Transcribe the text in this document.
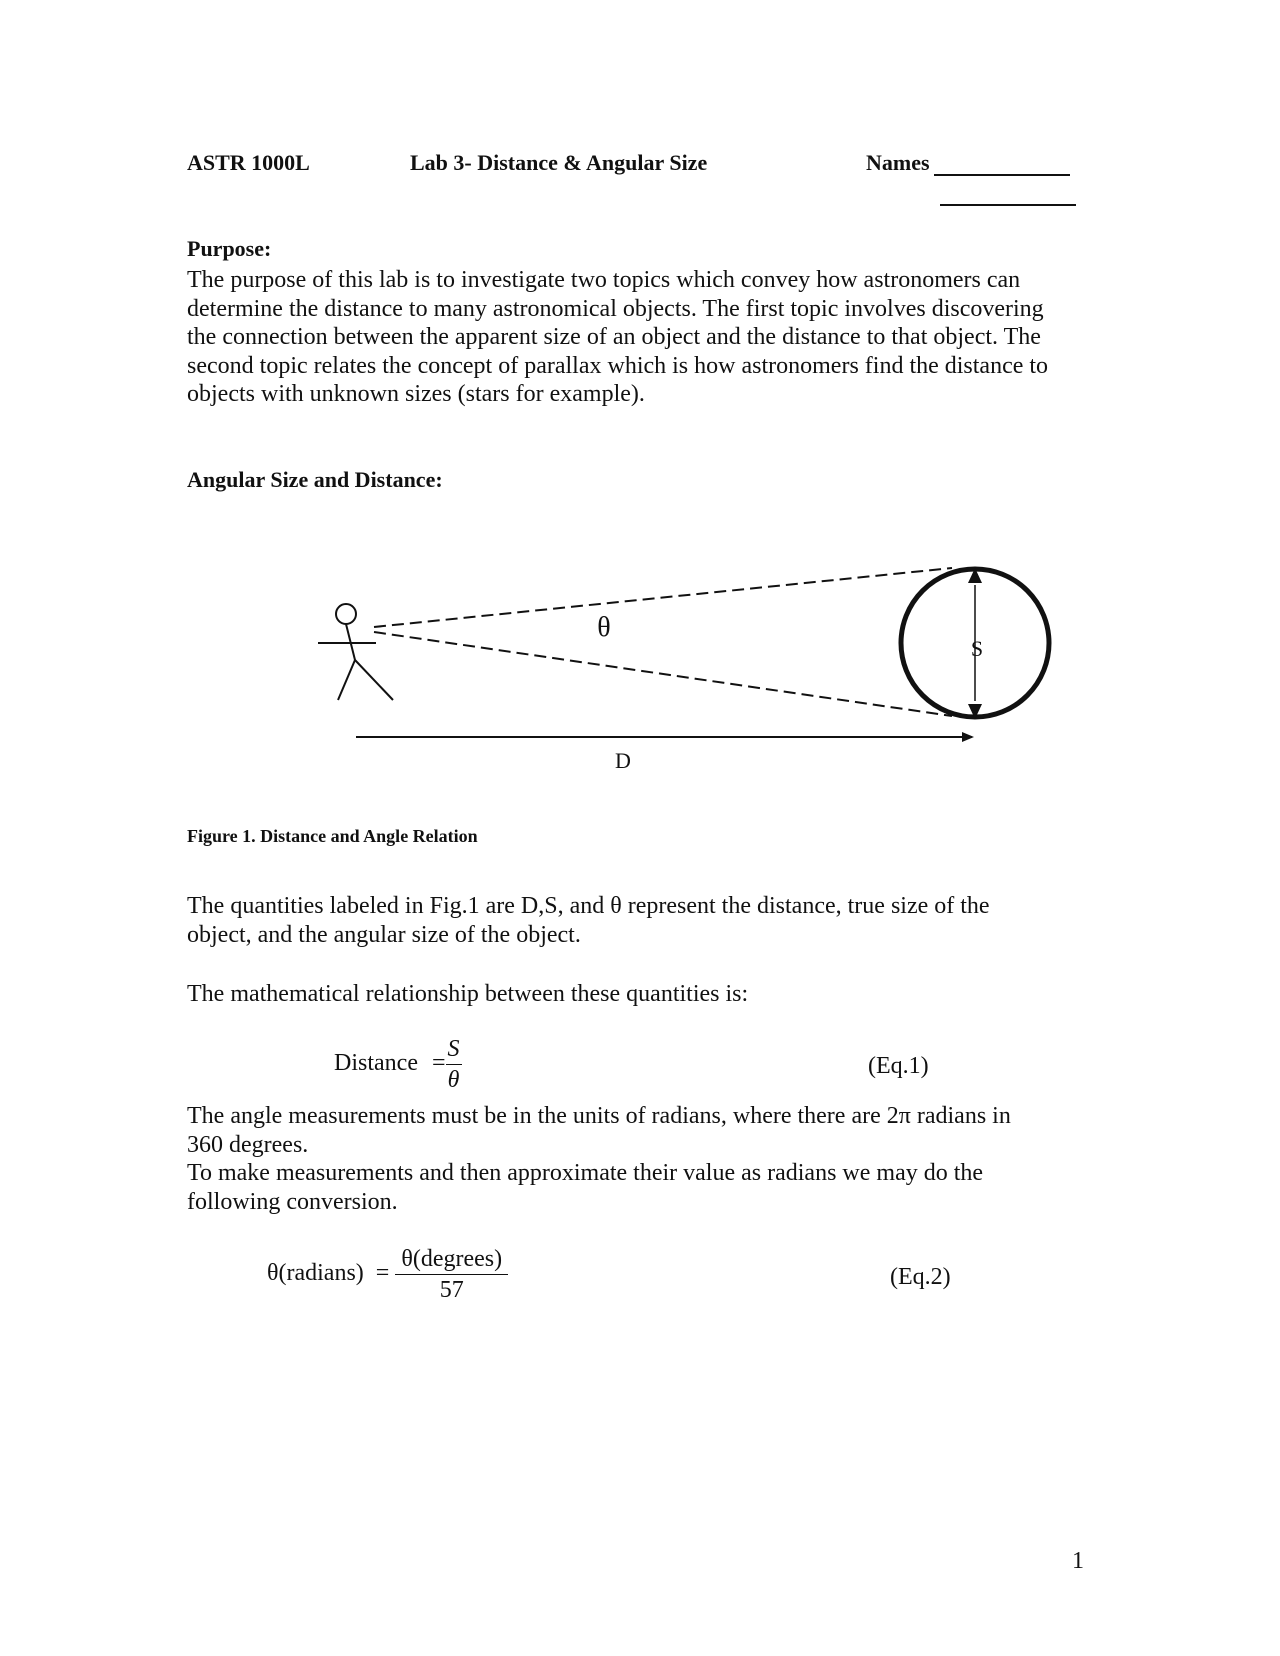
ASTR 1000L	Lab 3- Distance & Angular Size	Names
Purpose:
The purpose of this lab is to investigate two topics which convey how astronomers can
determine the distance to many astronomical objects. The first topic involves discovering
the connection between the apparent size of an object and the distance to that object. The
second topic relates the concept of parallax which is how astronomers find the distance to
objects with unknown sizes (stars for example).
Angular Size and Distance:
θ
S
D
Figure 1. Distance and Angle Relation
The quantities labeled in Fig.1 are D,S, and θ represent the distance, true size of the
object, and the angular size of the object.
The mathematical relationship between these quantities is:
Distance = $\frac{S}{\theta}$	(Eq.1)
The angle measurements must be in the units of radians, where there are 2π radians in
360 degrees.
To make measurements and then approximate their value as radians we may do the
following conversion.
θ(radians) = $\frac{\text{θ(degrees)}}{57}$	(Eq.2)
1
